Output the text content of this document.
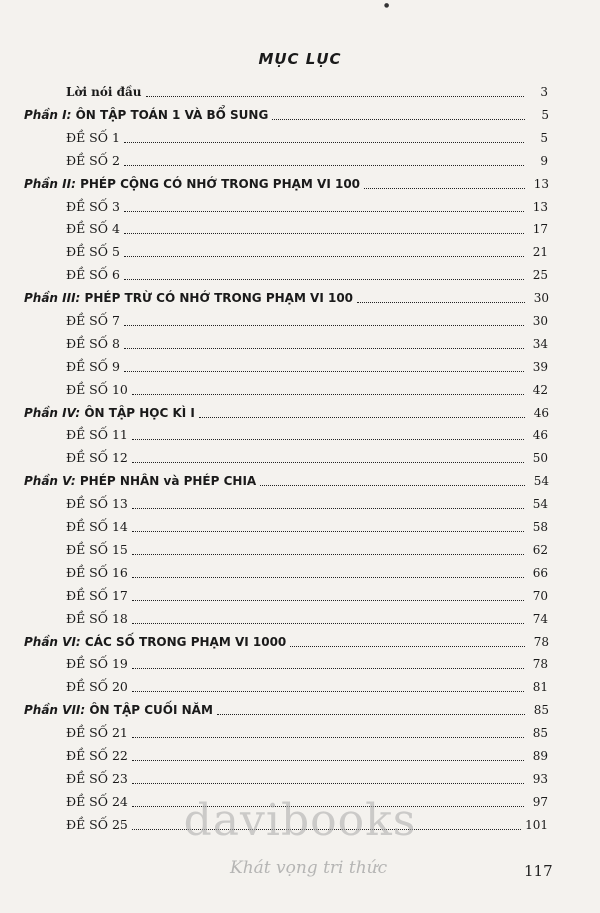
●
MỤC LỤC
Lời nói đầu	3
Phần I: ÔN TẬP TOÁN 1 VÀ BỔ SUNG	5
ĐỀ SỐ 1	5
ĐỀ SỐ 2	9
Phần II: PHÉP CỘNG CÓ NHỚ TRONG PHẠM VI 100	13
ĐỀ SỐ 3	13
ĐỀ SỐ 4	17
ĐỀ SỐ 5	21
ĐỀ SỐ 6	25
Phần III: PHÉP TRỪ CÓ NHỚ TRONG PHẠM VI 100	30
ĐỀ SỐ 7	30
ĐỀ SỐ 8	34
ĐỀ SỐ 9	39
ĐỀ SỐ 10	42
Phần IV: ÔN TẬP HỌC KÌ I	46
ĐỀ SỐ 11	46
ĐỀ SỐ 12	50
Phần V: PHÉP NHÂN và PHÉP CHIA	54
ĐỀ SỐ 13	54
ĐỀ SỐ 14	58
ĐỀ SỐ 15	62
ĐỀ SỐ 16	66
ĐỀ SỐ 17	70
ĐỀ SỐ 18	74
Phần VI: CÁC SỐ TRONG PHẠM VI 1000	78
ĐỀ SỐ 19	78
ĐỀ SỐ 20	81
Phần VII: ÔN TẬP CUỐI NĂM	85
ĐỀ SỐ 21	85
ĐỀ SỐ 22	89
ĐỀ SỐ 23	93
ĐỀ SỐ 24	97
ĐỀ SỐ 25	101
davibooks
Khát vọng tri thức	117
